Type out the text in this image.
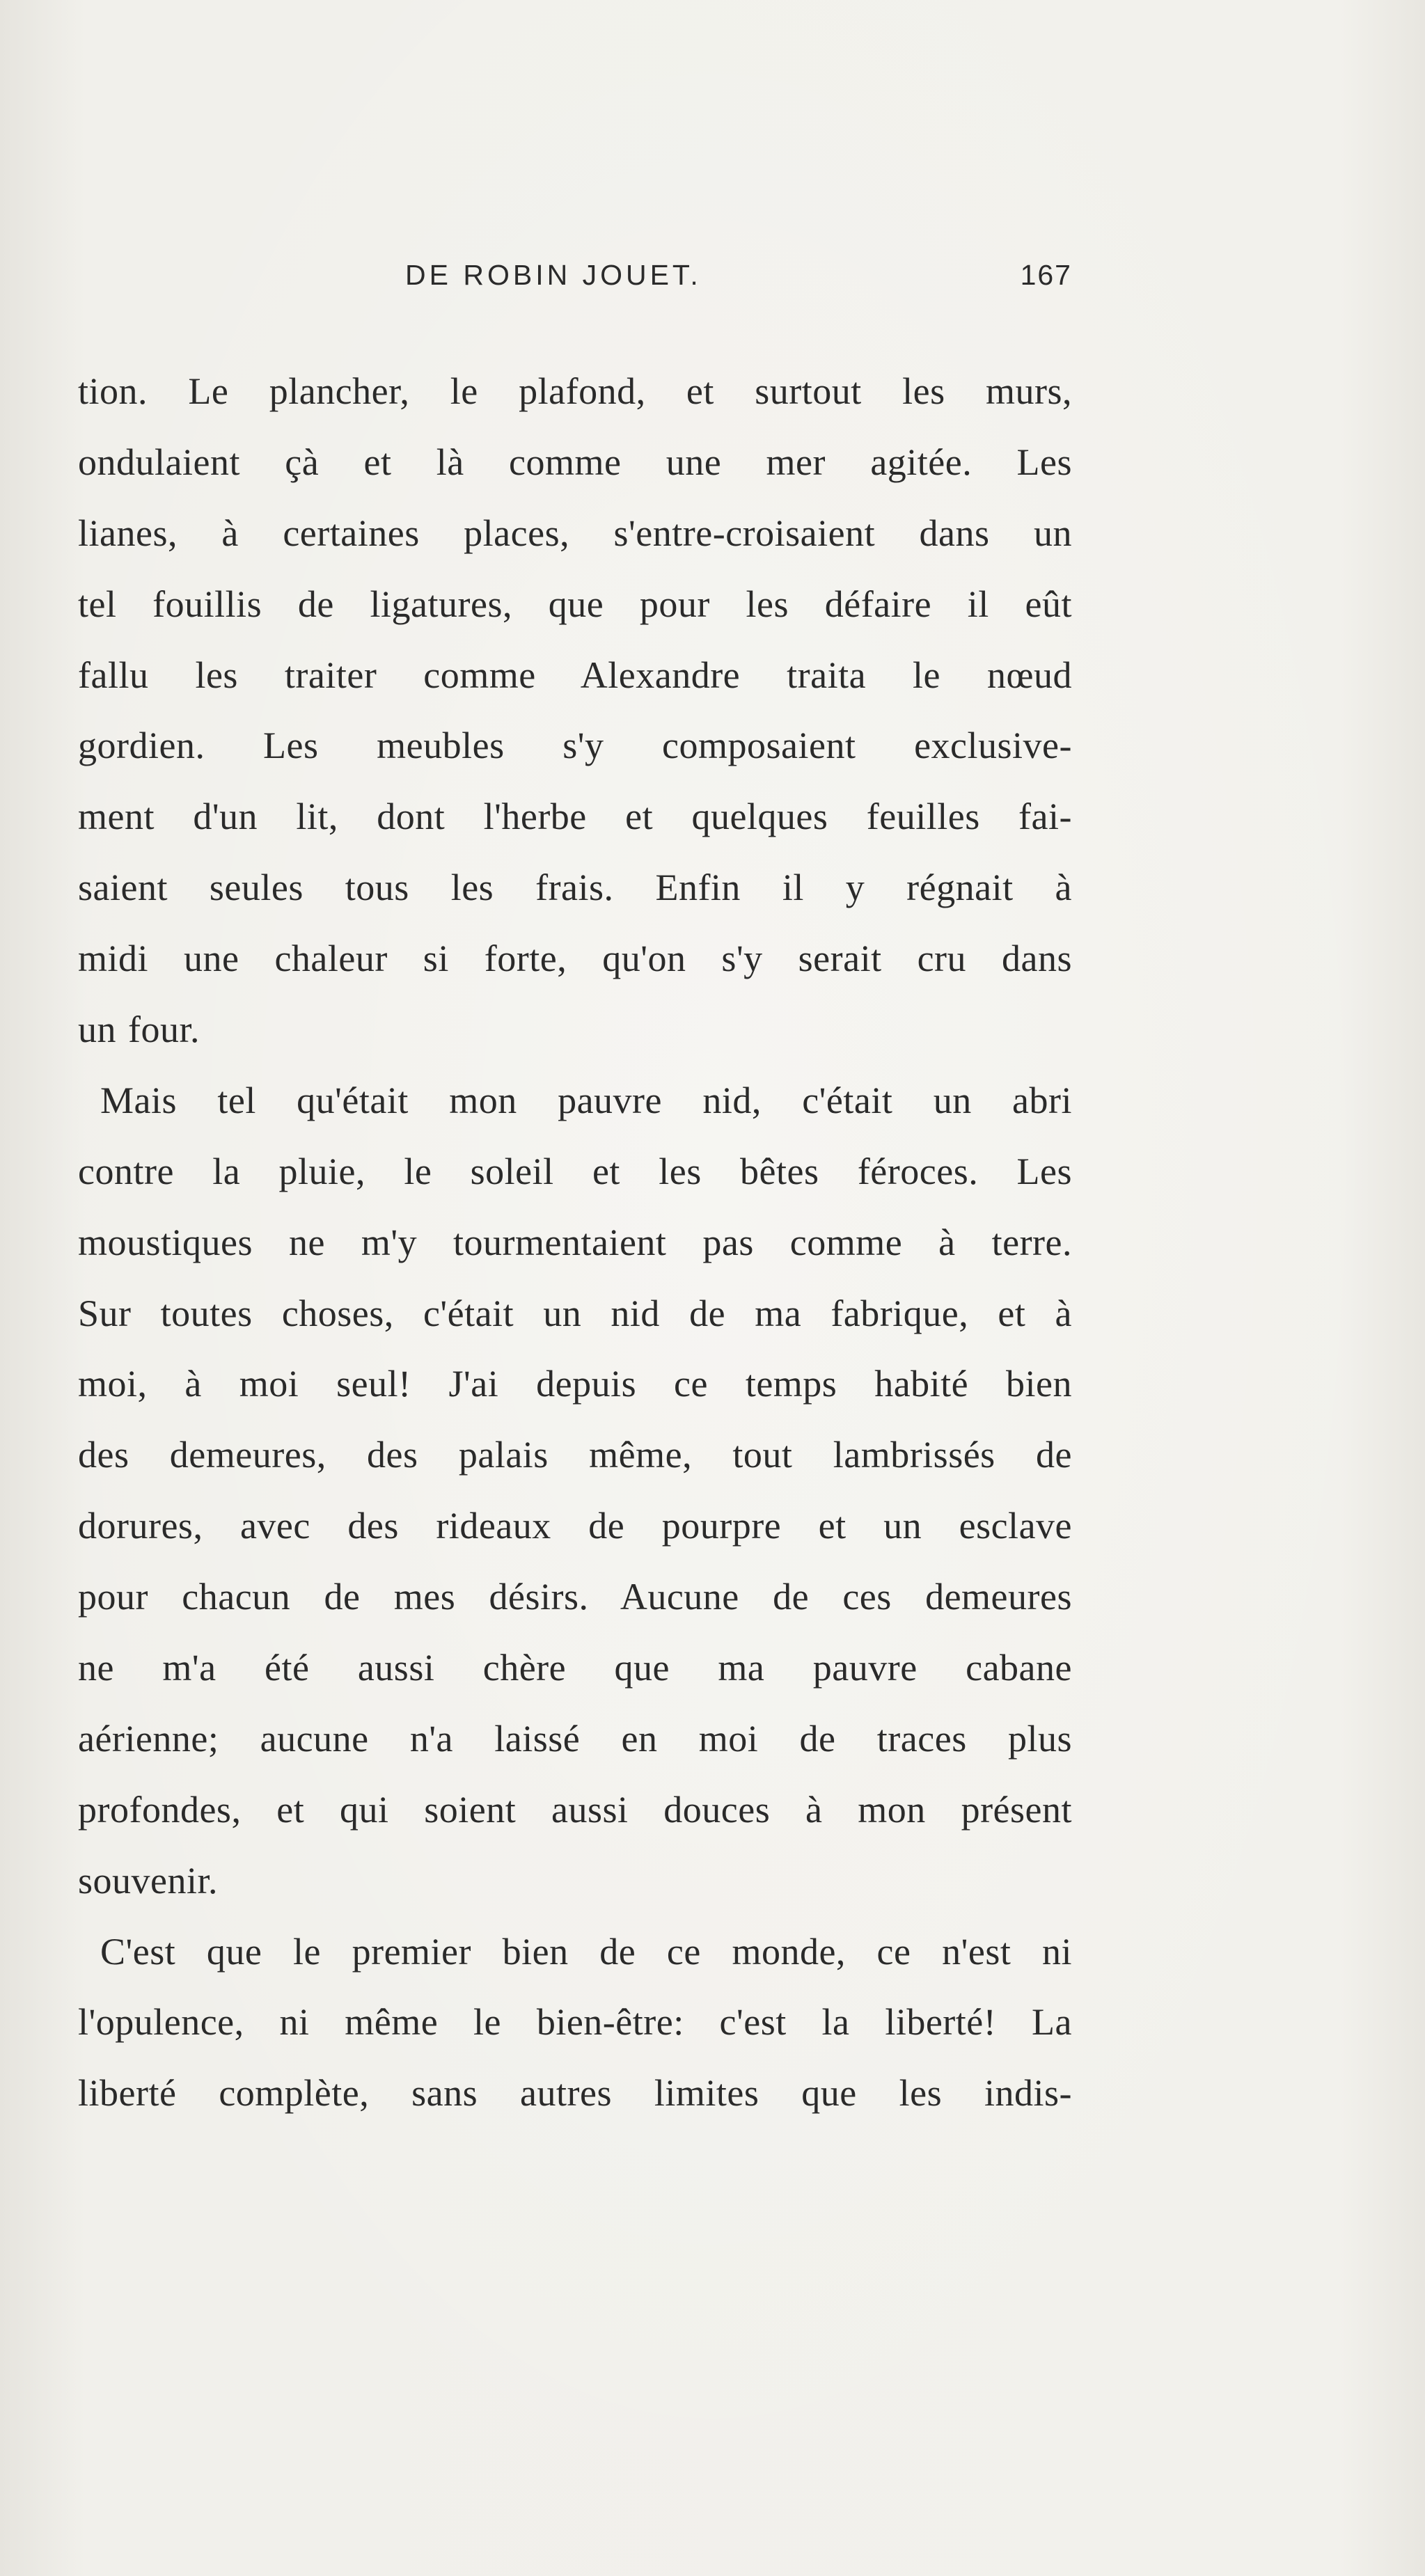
DE ROBIN JOUET.	167
tion. Le plancher, le plafond, et surtout les murs,
ondulaient çà et là comme une mer agitée. Les
lianes, à certaines places, s'entre-croisaient dans un
tel fouillis de ligatures, que pour les défaire il eût
fallu les traiter comme Alexandre traita le nœud
gordien. Les meubles s'y composaient exclusive-
ment d'un lit, dont l'herbe et quelques feuilles fai-
saient seules tous les frais. Enfin il y régnait à
midi une chaleur si forte, qu'on s'y serait cru dans
un four.
Mais tel qu'était mon pauvre nid, c'était un abri
contre la pluie, le soleil et les bêtes féroces. Les
moustiques ne m'y tourmentaient pas comme à terre.
Sur toutes choses, c'était un nid de ma fabrique, et à
moi, à moi seul! J'ai depuis ce temps habité bien
des demeures, des palais même, tout lambrissés de
dorures, avec des rideaux de pourpre et un esclave
pour chacun de mes désirs. Aucune de ces demeures
ne m'a été aussi chère que ma pauvre cabane
aérienne; aucune n'a laissé en moi de traces plus
profondes, et qui soient aussi douces à mon présent
souvenir.
C'est que le premier bien de ce monde, ce n'est ni
l'opulence, ni même le bien-être: c'est la liberté! La
liberté complète, sans autres limites que les indis-
